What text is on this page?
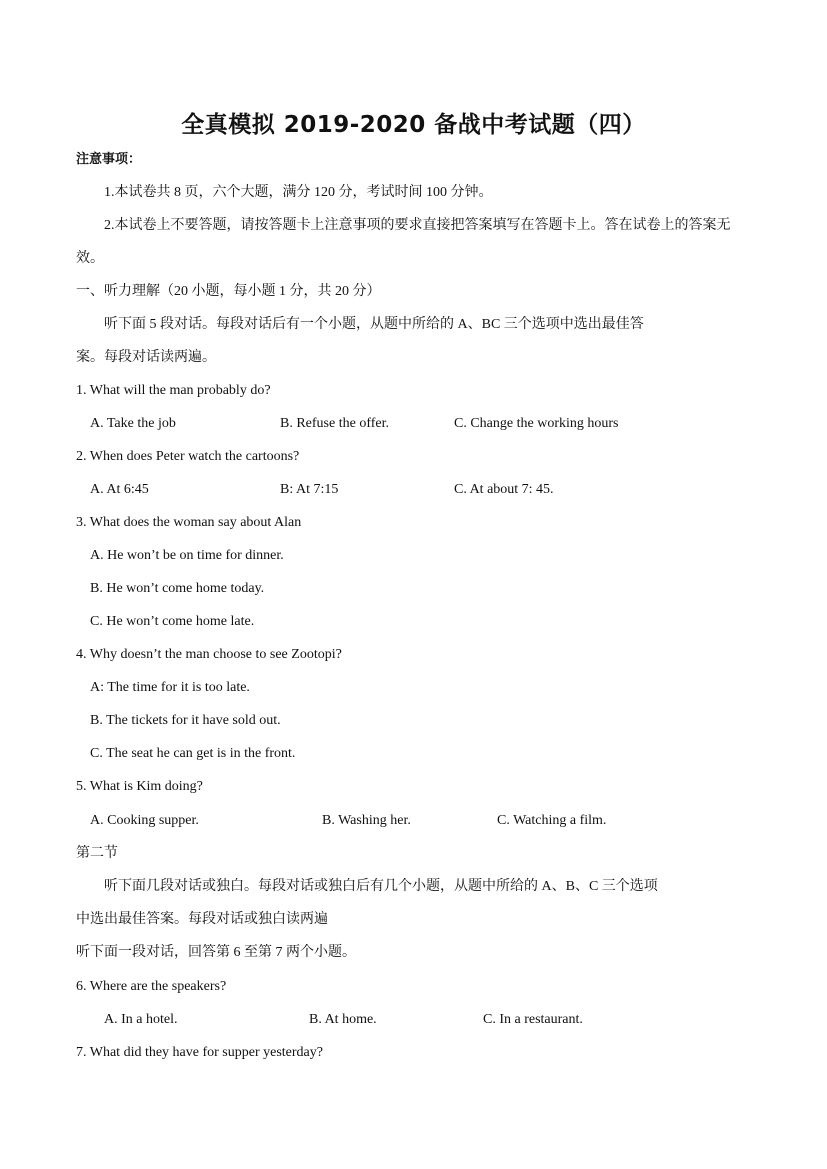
全真模拟 2019-2020 备战中考试题（四）
注意事项：
1.本试卷共 8 页，六个大题，满分 120 分，考试时间 100 分钟。
2.本试卷上不要答题，请按答题卡上注意事项的要求直接把答案填写在答题卡上。答在试卷上的答案无
效。
一、听力理解（20 小题，每小题 1 分，共 20 分）
听下面 5 段对话。每段对话后有一个小题，从题中所给的 A、BC 三个选项中选出最佳答
案。每段对话读两遍。
1. What will the man probably do?
A. Take the job	B. Refuse the offer.	C. Change the working hours
2. When does Peter watch the cartoons?
A. At 6:45	B: At 7:15	C. At about 7: 45.
3. What does the woman say about Alan
A. He won’t be on time for dinner.
B. He won’t come home today.
C. He won’t come home late.
4. Why doesn’t the man choose to see Zootopi?
A: The time for it is too late.
B. The tickets for it have sold out.
C. The seat he can get is in the front.
5. What is Kim doing?
A. Cooking supper.	B. Washing her.	C. Watching a film.
第二节
听下面几段对话或独白。每段对话或独白后有几个小题，从题中所给的 A、B、C 三个选项
中选出最佳答案。每段对话或独白读两遍
听下面一段对话，回答第 6 至第 7 两个小题。
6. Where are the speakers?
A. In a hotel.	B. At home.	C. In a restaurant.
7. What did they have for supper yesterday?
